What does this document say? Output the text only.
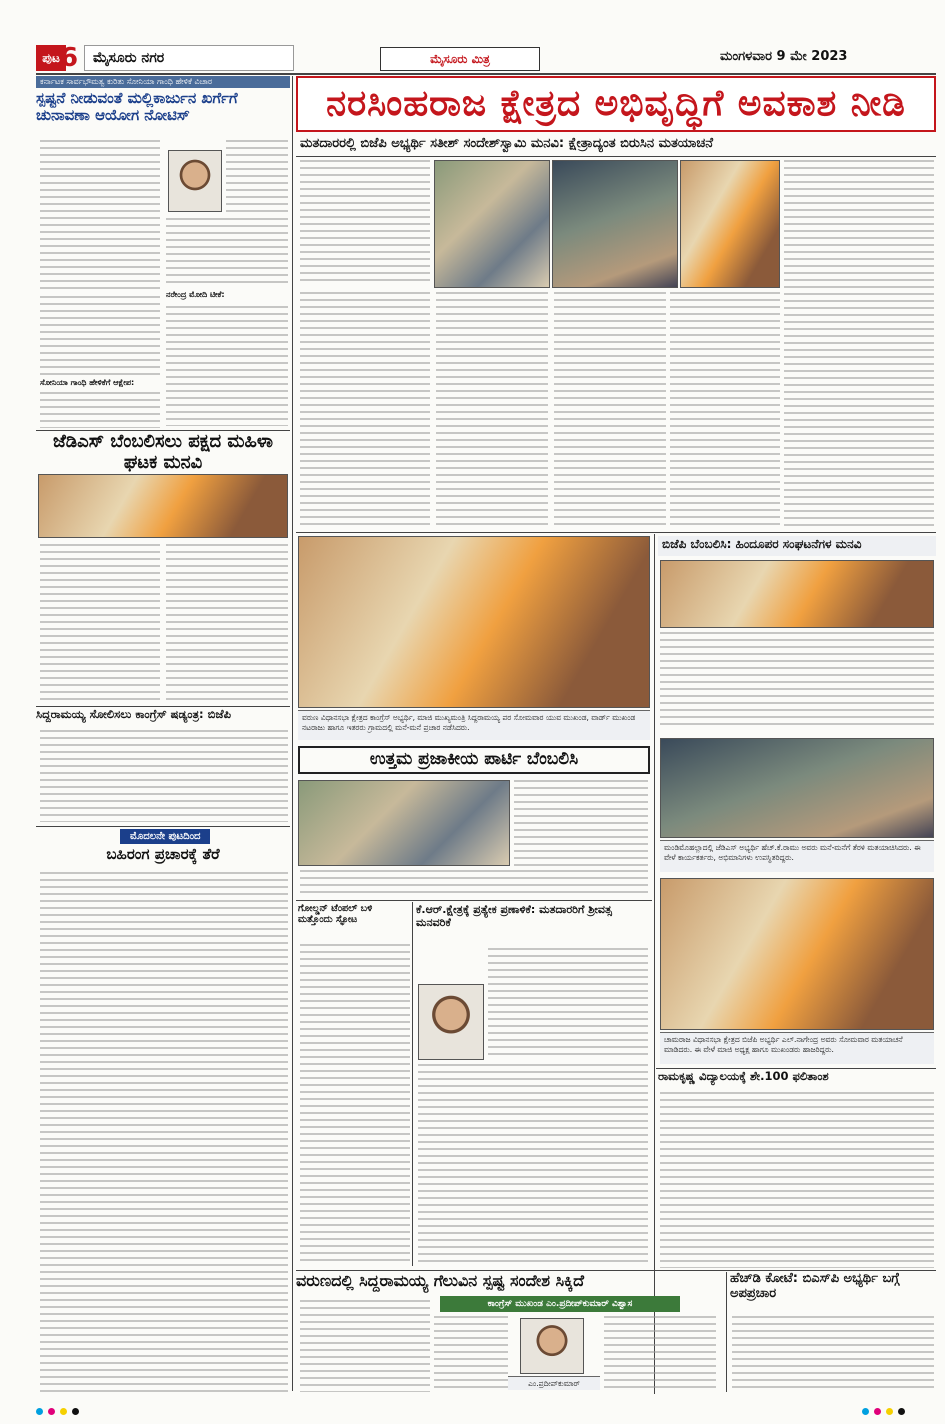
ಪುಟ 6	ಮೈಸೂರು ನಗರ	ಮೈಸೂರು ಮಿತ್ರ	ಮಂಗಳವಾರ 9 ಮೇ 2023
ಕರ್ನಾಟಕ ಸಾರ್ವಭೌಮತ್ವ ಕುರಿತು ಸೋನಿಯಾ ಗಾಂಧಿ ಹೇಳಿಕೆ ವಿಚಾರ
ಸ್ಪಷ್ಟನೆ ನೀಡುವಂತೆ ಮಲ್ಲಿಕಾರ್ಜುನ ಖರ್ಗೆಗೆ ಚುನಾವಣಾ ಆಯೋಗ ನೋಟಿಸ್
ನರೇಂದ್ರ ಮೋದಿ ಟೀಕೆ:
ಸೋನಿಯಾ ಗಾಂಧಿ ಹೇಳಿಕೆಗೆ ಆಕ್ಷೇಪ:
ಜೆಡಿಎಸ್ ಬೆಂಬಲಿಸಲು ಪಕ್ಷದ ಮಹಿಳಾ ಘಟಕ ಮನವಿ
ಸಿದ್ದರಾಮಯ್ಯ ಸೋಲಿಸಲು ಕಾಂಗ್ರೆಸ್ ಷಡ್ಯಂತ್ರ: ಬಿಜೆಪಿ
ಮೊದಲನೇ ಪುಟದಿಂದ
ಬಹಿರಂಗ ಪ್ರಚಾರಕ್ಕೆ ತೆರೆ
ನರಸಿಂಹರಾಜ ಕ್ಷೇತ್ರದ ಅಭಿವೃದ್ಧಿಗೆ ಅವಕಾಶ ನೀಡಿ
ಮತದಾರರಲ್ಲಿ ಬಿಜೆಪಿ ಅಭ್ಯರ್ಥಿ ಸತೀಶ್ ಸಂದೇಶ್‌ಸ್ವಾಮಿ ಮನವಿ: ಕ್ಷೇತ್ರಾದ್ಯಂತ ಬಿರುಸಿನ ಮತಯಾಚನೆ
ವರುಣ ವಿಧಾನಸಭಾ ಕ್ಷೇತ್ರದ ಕಾಂಗ್ರೆಸ್ ಅಭ್ಯರ್ಥಿ, ಮಾಜಿ ಮುಖ್ಯಮಂತ್ರಿ ಸಿದ್ದರಾಮಯ್ಯ ಪರ ಸೋಮವಾರ ಯುವ ಮುಖಂಡ, ವಾರ್ಡ್ ಮುಖಂಡ ನಟರಾಜು ಹಾಗೂ ಇತರರು ಗ್ರಾಮದಲ್ಲಿ ಮನೆ-ಮನೆ ಪ್ರಚಾರ ನಡೆಸಿದರು.
ಬಿಜೆಪಿ ಬೆಂಬಲಿಸಿ: ಹಿಂದೂಪರ ಸಂಘಟನೆಗಳ ಮನವಿ
ಮಂಡಿಮೊಹಲ್ಲಾದಲ್ಲಿ ಜೆಡಿಎಸ್ ಅಭ್ಯರ್ಥಿ ಹೆಚ್.ಕೆ.ರಾಮು ಅವರು ಮನೆ-ಮನೆಗೆ ತೆರಳಿ ಮತಯಾಚಿಸಿದರು. ಈ ವೇಳೆ ಕಾರ್ಯಕರ್ತರು, ಅಭಿಮಾನಿಗಳು ಉಪಸ್ಥಿತರಿದ್ದರು.
ಉತ್ತಮ ಪ್ರಜಾಕೀಯ ಪಾರ್ಟಿ ಬೆಂಬಲಿಸಿ
ಗೋಲ್ಡನ್ ಟೆಂಪಲ್ ಬಳಿ ಮತ್ತೊಂದು ಸ್ಫೋಟ
ಕೆ.ಆರ್.ಕ್ಷೇತ್ರಕ್ಕೆ ಪ್ರತ್ಯೇಕ ಪ್ರಣಾಳಿಕೆ: ಮತದಾರರಿಗೆ ಶ್ರೀವತ್ಸ ಮನವರಿಕೆ
ಚಾಮರಾಜ ವಿಧಾನಸಭಾ ಕ್ಷೇತ್ರದ ಬಿಜೆಪಿ ಅಭ್ಯರ್ಥಿ ಎಲ್.ನಾಗೇಂದ್ರ ಅವರು ಸೋಮವಾರ ಮತಯಾಚನೆ ಮಾಡಿದರು. ಈ ವೇಳೆ ಮಾಜಿ ಅಧ್ಯಕ್ಷ ಹಾಗೂ ಮುಖಂಡರು ಹಾಜರಿದ್ದರು.
ರಾಮಕೃಷ್ಣ ವಿದ್ಯಾಲಯಕ್ಕೆ ಶೇ.100 ಫಲಿತಾಂಶ
ವರುಣದಲ್ಲಿ ಸಿದ್ದರಾಮಯ್ಯ ಗೆಲುವಿನ ಸ್ಪಷ್ಟ ಸಂದೇಶ ಸಿಕ್ಕಿದೆ
ಕಾಂಗ್ರೆಸ್ ಮುಖಂಡ ಎಂ.ಪ್ರದೀಪ್‌ಕುಮಾರ್ ವಿಶ್ವಾಸ
ಎಂ.ಪ್ರದೀಪ್‌ಕುಮಾರ್
ಹೆಚ್‌ಡಿ ಕೋಟೆ: ಬಿಎಸ್‌ಪಿ ಅಭ್ಯರ್ಥಿ ಬಗ್ಗೆ ಅಪಪ್ರಚಾರ
